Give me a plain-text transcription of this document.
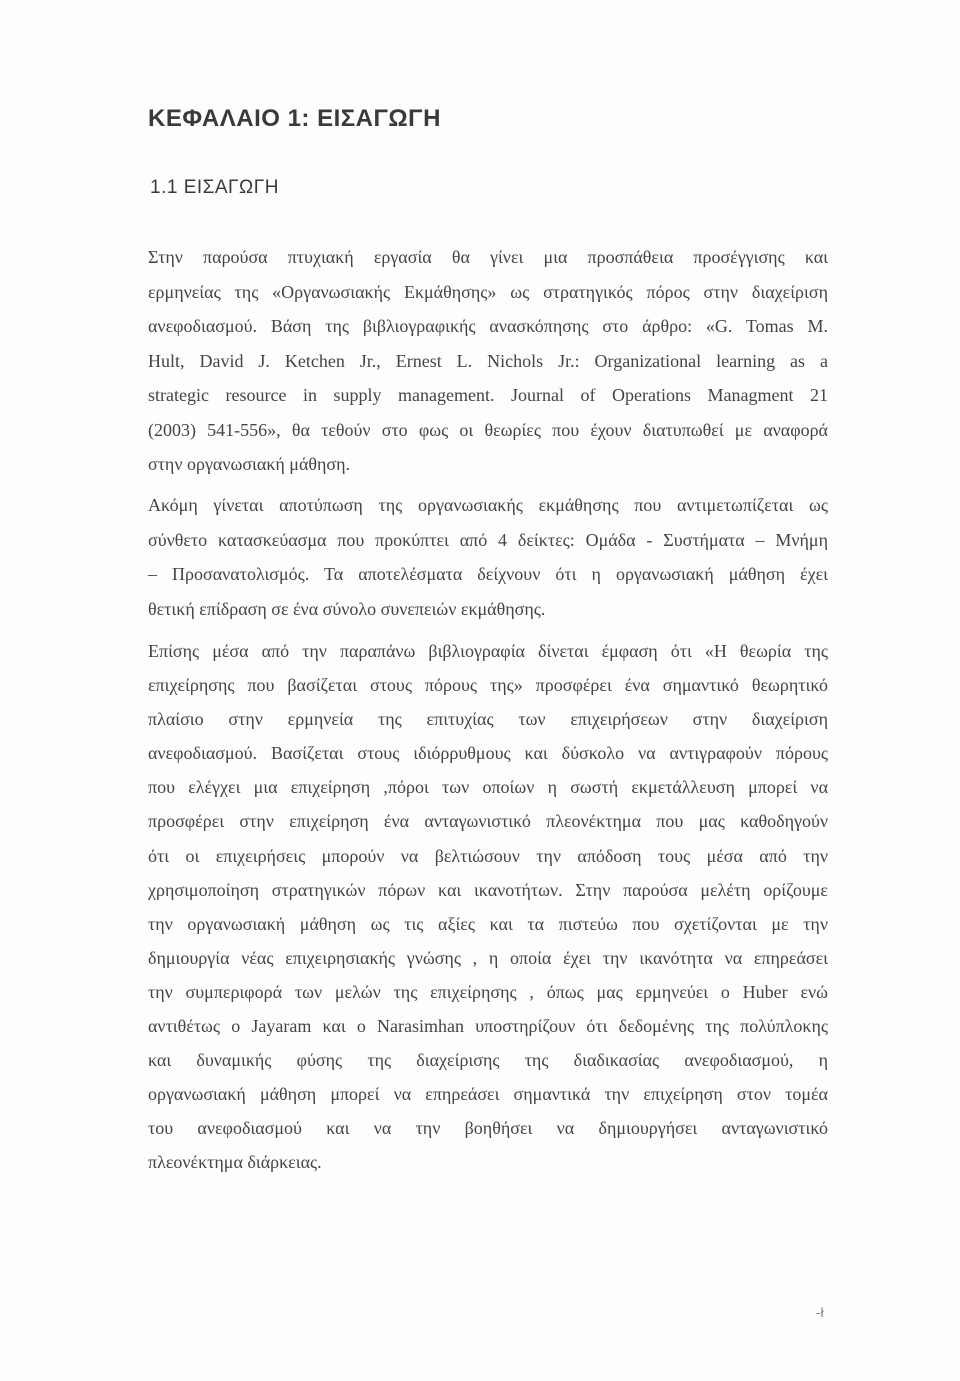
ΚΕΦΑΛΑΙΟ 1: ΕΙΣΑΓΩΓΗ
1.1 ΕΙΣΑΓΩΓΗ
Στην παρούσα πτυχιακή εργασία θα γίνει μια προσπάθεια προσέγγισης και
ερμηνείας της «Οργανωσιακής Εκμάθησης» ως στρατηγικός πόρος στην διαχείριση
ανεφοδιασμού. Βάση της βιβλιογραφικής ανασκόπησης στο άρθρο: «G. Tomas M.
Hult, David J. Ketchen Jr., Ernest L. Nichols Jr.: Organizational learning as a
strategic resource in supply management. Journal of Operations Managment 21
(2003) 541-556», θα τεθούν στο φως οι θεωρίες που έχουν διατυπωθεί με αναφορά
στην οργανωσιακή μάθηση.
Ακόμη γίνεται αποτύπωση της οργανωσιακής εκμάθησης που αντιμετωπίζεται ως
σύνθετο κατασκεύασμα που προκύπτει από 4 δείκτες: Ομάδα - Συστήματα – Μνήμη
– Προσανατολισμός. Τα αποτελέσματα δείχνουν ότι η οργανωσιακή μάθηση έχει
θετική επίδραση σε ένα σύνολο συνεπειών εκμάθησης.
Επίσης μέσα από την παραπάνω βιβλιογραφία δίνεται έμφαση ότι «Η θεωρία της
επιχείρησης που βασίζεται στους πόρους της» προσφέρει ένα σημαντικό θεωρητικό
πλαίσιο στην ερμηνεία της επιτυχίας των επιχειρήσεων στην διαχείριση
ανεφοδιασμού. Βασίζεται στους ιδιόρρυθμους και δύσκολο να αντιγραφούν πόρους
που ελέγχει μια επιχείρηση ,πόροι των οποίων η σωστή εκμετάλλευση μπορεί να
προσφέρει στην επιχείρηση ένα ανταγωνιστικό πλεονέκτημα που μας καθοδηγούν
ότι οι επιχειρήσεις μπορούν να βελτιώσουν την απόδοση τους μέσα από την
χρησιμοποίηση στρατηγικών πόρων και ικανοτήτων. Στην παρούσα μελέτη ορίζουμε
την οργανωσιακή μάθηση ως τις αξίες και τα πιστεύω που σχετίζονται με την
δημιουργία νέας επιχειρησιακής γνώσης , η οποία έχει την ικανότητα να επηρεάσει
την συμπεριφορά των μελών της επιχείρησης , όπως μας ερμηνεύει ο Huber ενώ
αντιθέτως ο Jayaram και ο Narasimhan υποστηρίζουν ότι δεδομένης της πολύπλοκης
και δυναμικής φύσης της διαχείρισης της διαδικασίας ανεφοδιασμού, η
οργανωσιακή μάθηση μπορεί να επηρεάσει σημαντικά την επιχείρηση στον τομέα
του ανεφοδιασμού και να την βοηθήσει να δημιουργήσει ανταγωνιστικό
πλεονέκτημα διάρκειας.
-ł
